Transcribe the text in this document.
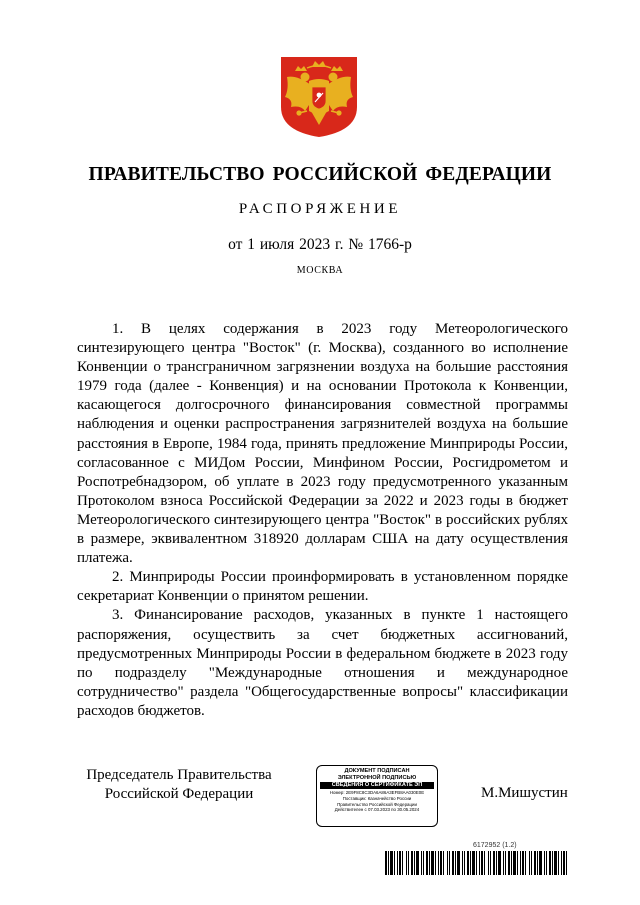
ПРАВИТЕЛЬСТВО РОССИЙСКОЙ ФЕДЕРАЦИИ
РАСПОРЯЖЕНИЕ
от 1 июля 2023 г. № 1766-р
МОСКВА

1. В целях содержания в 2023 году Метеорологического синтезирующего центра "Восток" (г. Москва), созданного во исполнение Конвенции о трансграничном загрязнении воздуха на большие расстояния 1979 года (далее - Конвенция) и на основании Протокола к Конвенции, касающегося долгосрочного финансирования совместной программы наблюдения и оценки распространения загрязнителей воздуха на большие расстояния в Европе, 1984 года, принять предложение Минприроды России, согласованное с МИДом России, Минфином России, Росгидрометом и Роспотребнадзором, об уплате в 2023 году предусмотренного указанным Протоколом взноса Российской Федерации за 2022 и 2023 годы в бюджет Метеорологического синтезирующего центра "Восток" в российских рублях в размере, эквивалентном 318920 долларам США на дату осуществления платежа.

2. Минприроды России проинформировать в установленном порядке секретариат Конвенции о принятом решении.

3. Финансирование расходов, указанных в пункте 1 настоящего распоряжения, осуществить за счет бюджетных ассигнований, предусмотренных Минприроды России в федеральном бюджете в 2023 году по подразделу "Международные отношения и международное сотрудничество" раздела "Общегосударственные вопросы" классификации расходов бюджетов.

Председатель Правительства
Российской Федерации
ДОКУМЕНТ ПОДПИСАН
ЭЛЕКТРОННОЙ ПОДПИСЬЮ
СВЕДЕНИЯ О СЕРТИФИКАТЕ ЭП
Номер: 2E9F8C8C3DA6A86A3EFB8AA030E0E
Поставщик: Казначейство России
Правительство Российской Федерации
Действителен с 07.03.2023 по 30.05.2024
М.Мишустин
6172952 (1.2)
